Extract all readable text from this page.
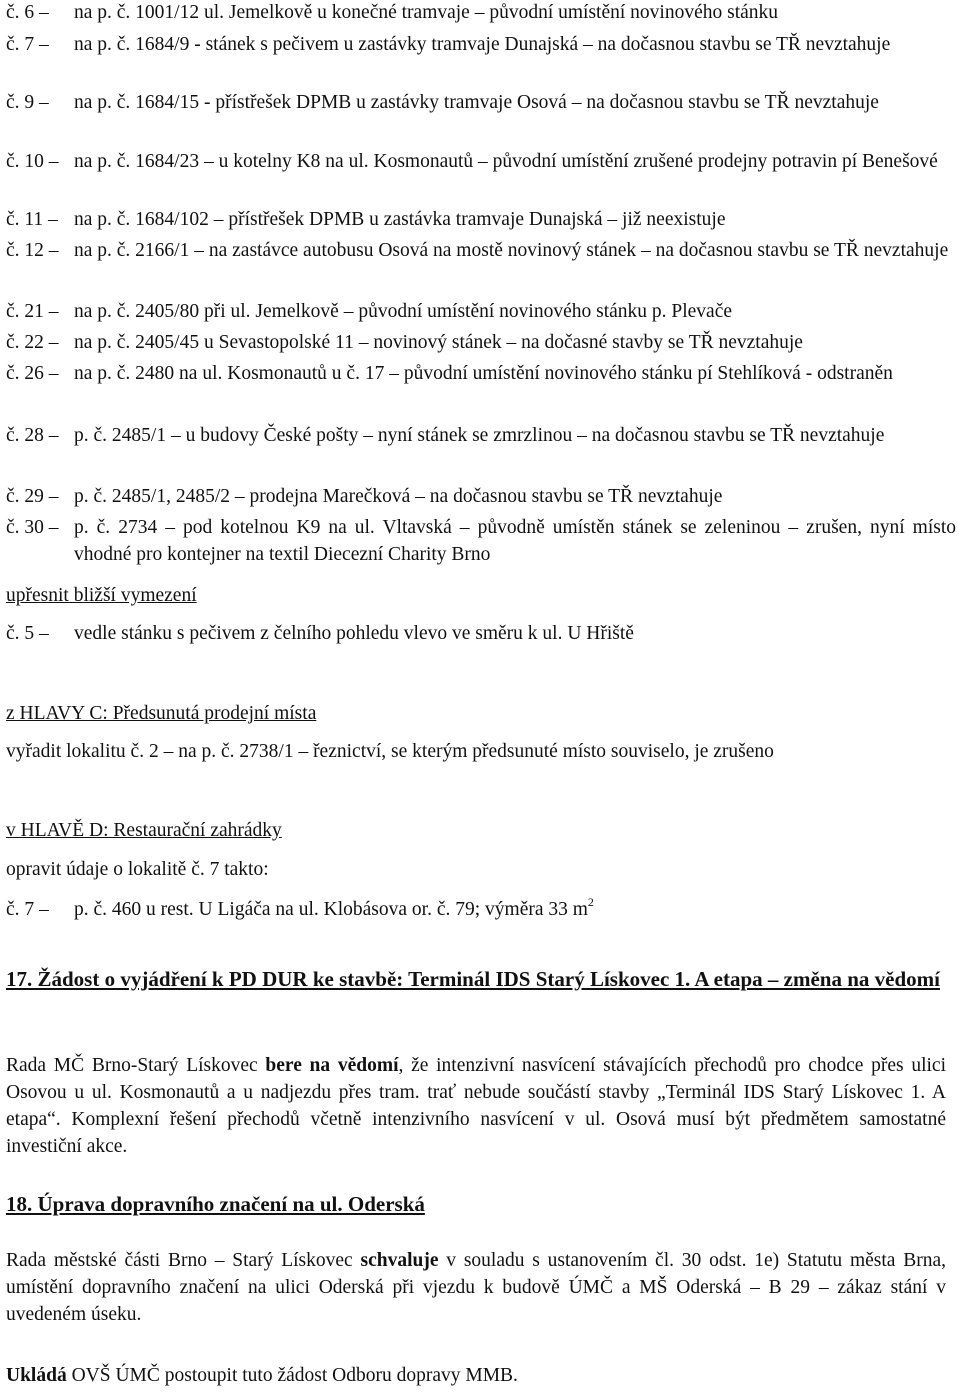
č. 6 – na p. č. 1001/12 ul. Jemelkově u konečné tramvaje – původní umístění novinového stánku
č. 7 – na p. č. 1684/9 - stánek s pečivem u zastávky tramvaje Dunajská – na dočasnou stavbu se TŘ nevztahuje
č. 9 – na p. č. 1684/15 - přístřešek DPMB u zastávky tramvaje Osová – na dočasnou stavbu se TŘ nevztahuje
č. 10 – na p. č. 1684/23 – u kotelny K8 na ul. Kosmonautů – původní umístění zrušené prodejny potravin pí Benešové
č. 11 – na p. č. 1684/102 – přístřešek DPMB u zastávka tramvaje Dunajská – již neexistuje
č. 12 – na p. č. 2166/1 – na zastávce autobusu Osová na mostě novinový stánek – na dočasnou stavbu se TŘ nevztahuje
č. 21 – na p. č. 2405/80 při ul. Jemelkově – původní umístění novinového stánku p. Plevače
č. 22 – na p. č. 2405/45 u Sevastopolské 11 – novinový stánek – na dočasné stavby se TŘ nevztahuje
č. 26 – na p. č. 2480 na ul. Kosmonautů u č. 17 – původní umístění novinového stánku pí Stehlíková - odstraněn
č. 28 – p. č. 2485/1 – u budovy České pošty – nyní stánek se zmrzlinou – na dočasnou stavbu se TŘ nevztahuje
č. 29 – p. č. 2485/1, 2485/2 – prodejna Marečková – na dočasnou stavbu se TŘ nevztahuje
č. 30 – p. č. 2734 – pod kotelnou K9 na ul. Vltavská – původně umístěn stánek se zeleninou – zrušen, nyní místo vhodné pro kontejner na textil Diecezní Charity Brno
upřesnit bližší vymezení
č. 5 – vedle stánku s pečivem z čelního pohledu vlevo ve směru k ul. U Hřiště
z HLAVY C: Předsunutá prodejní místa
vyřadit lokalitu č. 2 – na p. č. 2738/1 – řeznictví, se kterým předsunuté místo souviselo, je zrušeno
v HLAVĚ D: Restaurační zahrádky
opravit údaje o lokalitě č. 7 takto:
č. 7 – p. č. 460 u rest. U Ligáča na ul. Klobásova or. č. 79; výměra 33 $m^2$
17. Žádost o vyjádření k PD DUR ke stavbě: Terminál IDS Starý Lískovec 1. A etapa – změna na vědomí
Rada MČ Brno-Starý Lískovec bere na vědomí, že intenzivní nasvícení stávajících přechodů pro chodce přes ulici Osovou u ul. Kosmonautů a u nadjezdu přes tram. trať nebude součástí stavby „Terminál IDS Starý Lískovec 1. A etapa“. Komplexní řešení přechodů včetně intenzivního nasvícení v ul. Osová musí být předmětem samostatné investiční akce.
18. Úprava dopravního značení na ul. Oderská
Rada městské části Brno – Starý Lískovec schvaluje v souladu s ustanovením čl. 30 odst. 1e) Statutu města Brna, umístění dopravního značení na ulici Oderská při vjezdu k budově ÚMČ a MŠ Oderská – B 29 – zákaz stání v uvedeném úseku.
Ukládá OVŠ ÚMČ postoupit tuto žádost Odboru dopravy MMB.
